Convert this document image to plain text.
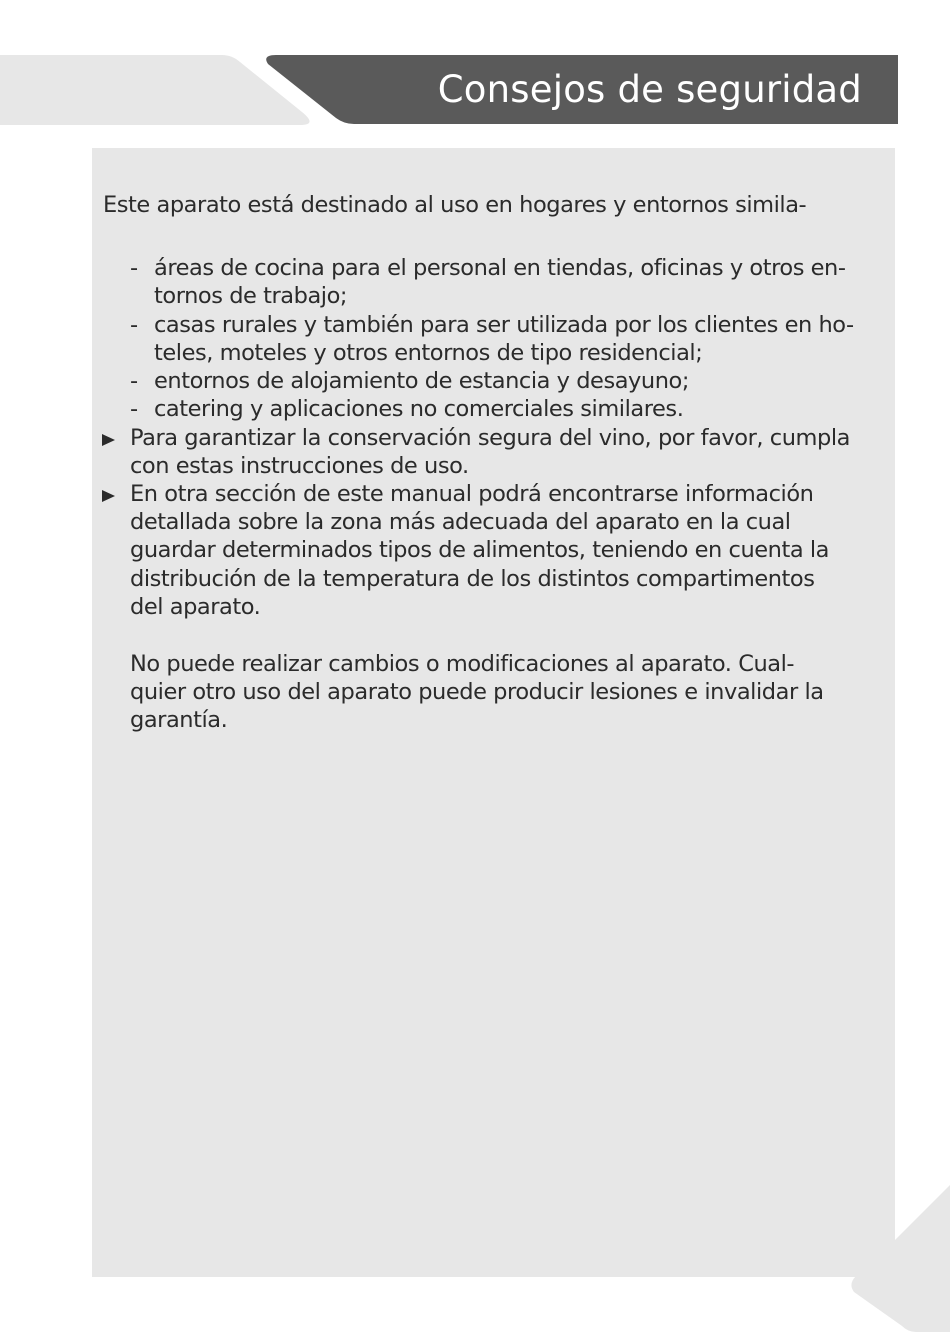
Consejos de seguridad
Este aparato está destinado al uso en hogares y entornos simila-
- áreas de cocina para el personal en tiendas, oficinas y otros en-
tornos de trabajo;
- casas rurales y también para ser utilizada por los clientes en ho-
teles, moteles y otros entornos de tipo residencial;
- entornos de alojamiento de estancia y desayuno;
- catering y aplicaciones no comerciales similares.
Para garantizar la conservación segura del vino, por favor, cumpla
con estas instrucciones de uso.
En otra sección de este manual podrá encontrarse información
detallada sobre la zona más adecuada del aparato en la cual
guardar determinados tipos de alimentos, teniendo en cuenta la
distribución de la temperatura de los distintos compartimentos
del aparato.
No puede realizar cambios o modificaciones al aparato. Cual-
quier otro uso del aparato puede producir lesiones e invalidar la
garantía.
